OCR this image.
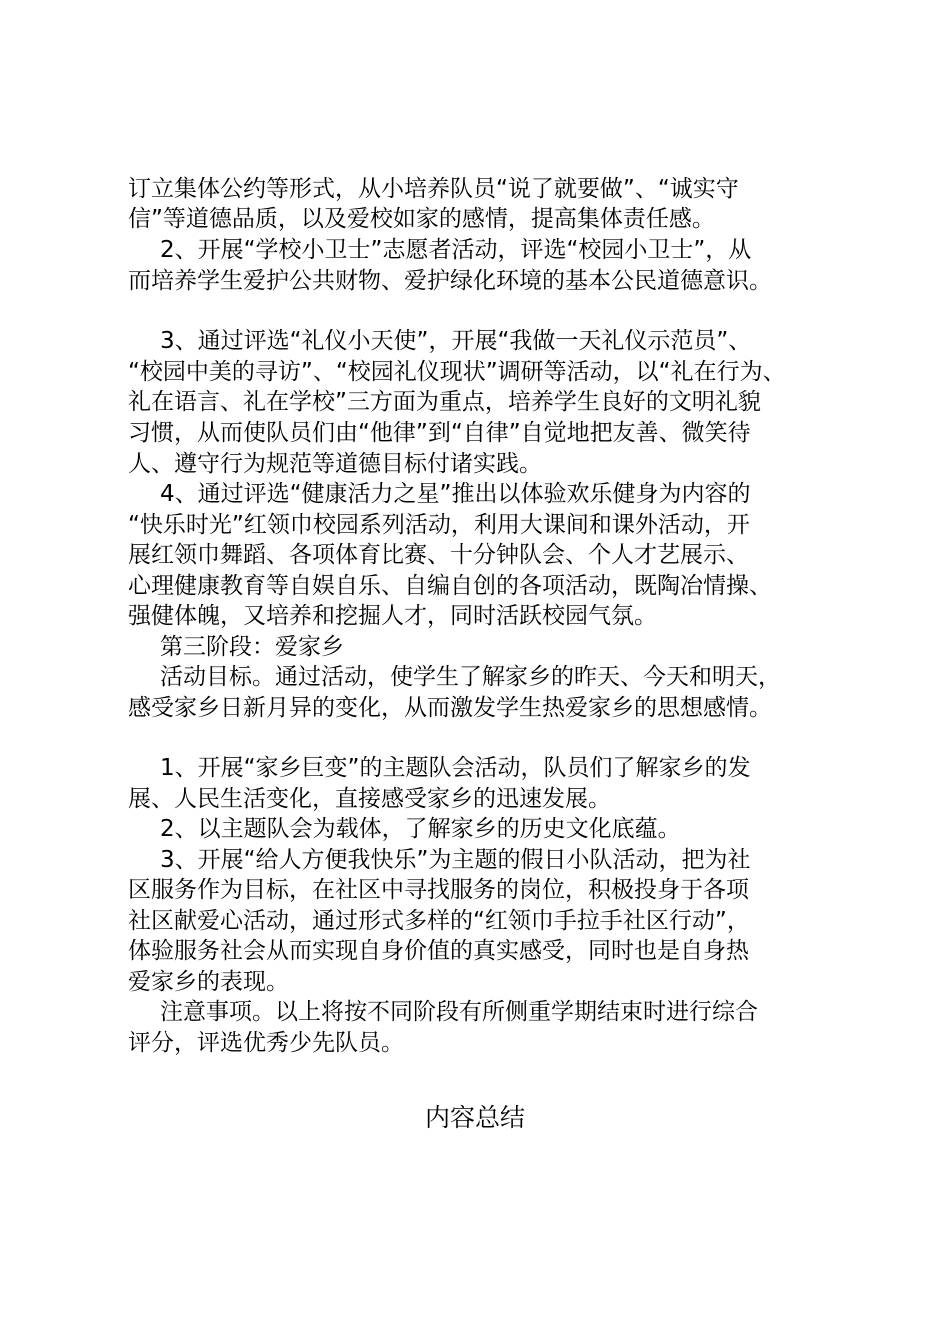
订立集体公约等形式，从小培养队员“说了就要做”、“诚实守
信”等道德品质，以及爱校如家的感情，提高集体责任感。
2、开展“学校小卫士”志愿者活动，评选“校园小卫士”，从
而培养学生爱护公共财物、爱护绿化环境的基本公民道德意识。
3、通过评选“礼仪小天使”，开展“我做一天礼仪示范员”、
“校园中美的寻访”、“校园礼仪现状”调研等活动，以“礼在行为、
礼在语言、礼在学校”三方面为重点，培养学生良好的文明礼貌
习惯，从而使队员们由“他律”到“自律”自觉地把友善、微笑待
人、遵守行为规范等道德目标付诸实践。
4、通过评选“健康活力之星”推出以体验欢乐健身为内容的
“快乐时光”红领巾校园系列活动，利用大课间和课外活动，开
展红领巾舞蹈、各项体育比赛、十分钟队会、个人才艺展示、
心理健康教育等自娱自乐、自编自创的各项活动，既陶冶情操、
强健体魄，又培养和挖掘人才，同时活跃校园气氛。
第三阶段：爱家乡
活动目标。通过活动，使学生了解家乡的昨天、今天和明天，
感受家乡日新月异的变化，从而激发学生热爱家乡的思想感情。
1、开展“家乡巨变”的主题队会活动，队员们了解家乡的发
展、人民生活变化，直接感受家乡的迅速发展。
2、以主题队会为载体，了解家乡的历史文化底蕴。
3、开展“给人方便我快乐”为主题的假日小队活动，把为社
区服务作为目标，在社区中寻找服务的岗位，积极投身于各项
社区献爱心活动，通过形式多样的“红领巾手拉手社区行动”，
体验服务社会从而实现自身价值的真实感受，同时也是自身热
爱家乡的表现。
注意事项。以上将按不同阶段有所侧重学期结束时进行综合
评分，评选优秀少先队员。
内容总结
